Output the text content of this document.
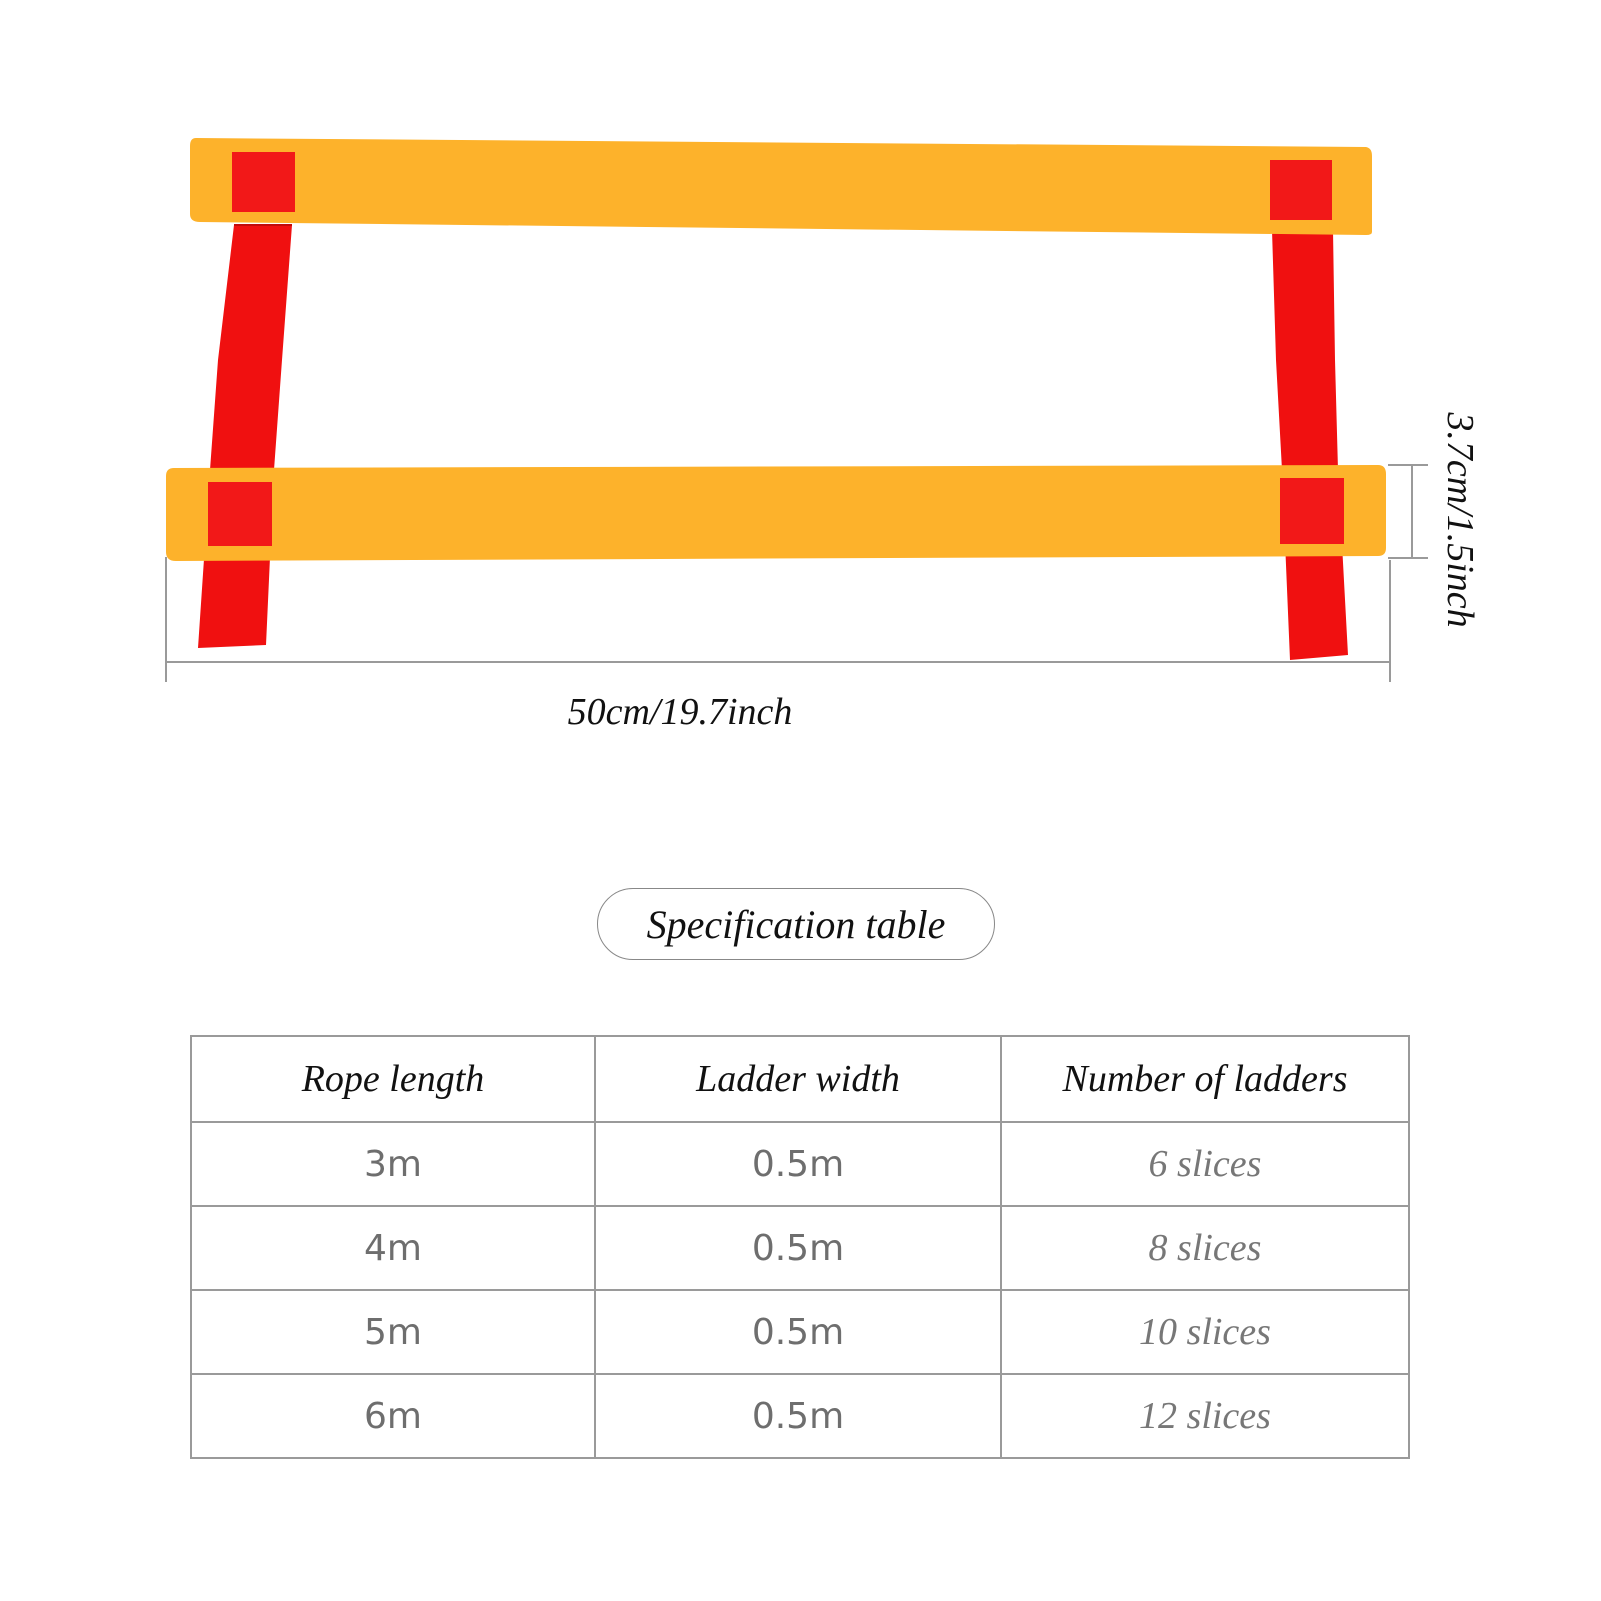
50cm/19.7inch
3.7cm/1.5inch
Specification table
Rope length	Ladder width	Number of ladders
3m	0.5m	6 slices
4m	0.5m	8 slices
5m	0.5m	10 slices
6m	0.5m	12 slices
